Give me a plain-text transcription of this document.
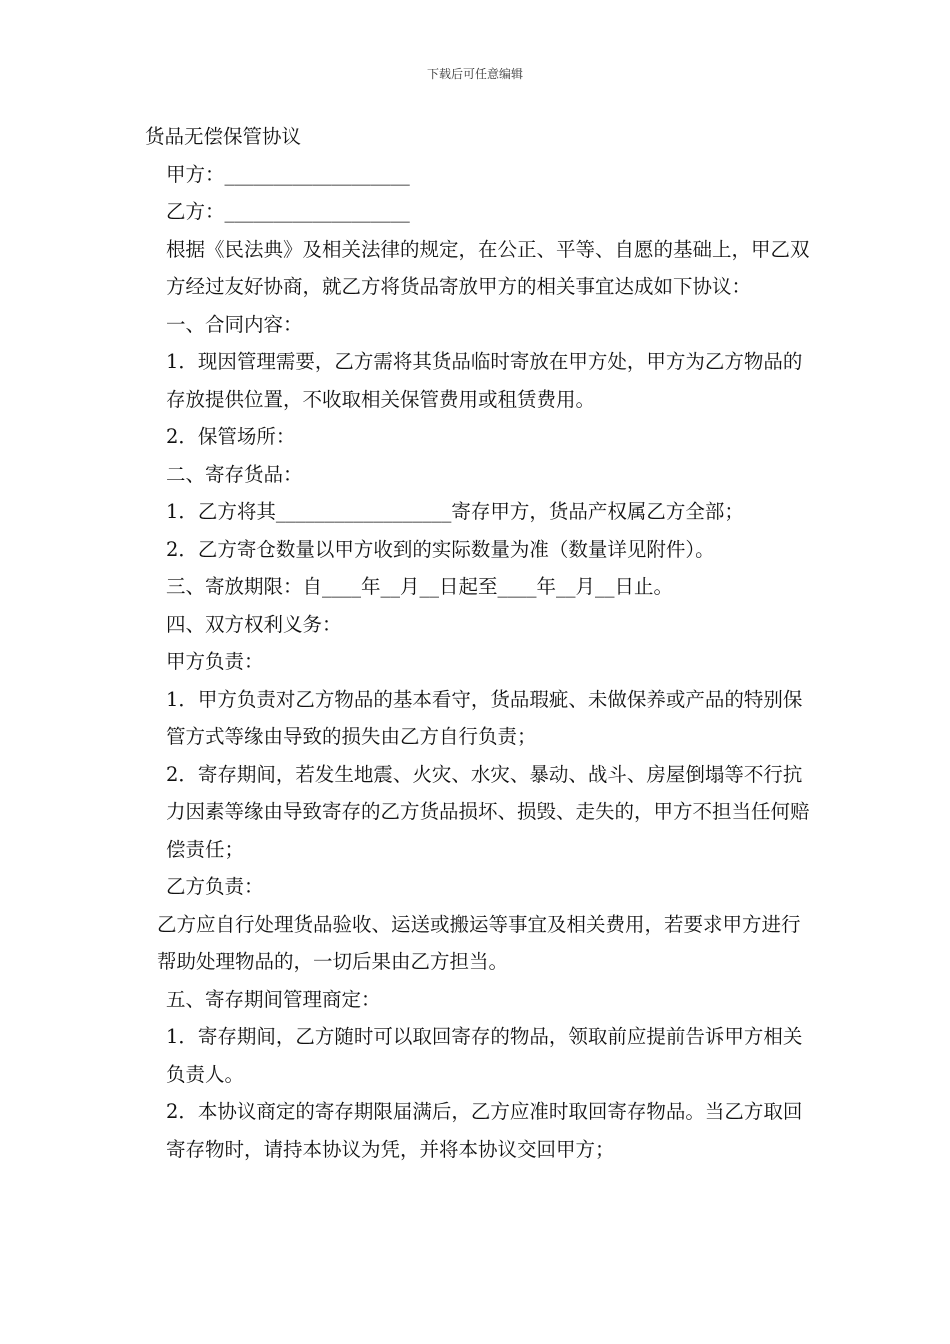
下载后可任意编辑

货品无偿保管协议

甲方：___________________

乙方：___________________

根据《民法典》及相关法律的规定，在公正、平等、自愿的基础上，甲乙双方经过友好协商，就乙方将货品寄放甲方的相关事宜达成如下协议：

一、合同内容：

1．现因管理需要，乙方需将其货品临时寄放在甲方处，甲方为乙方物品的存放提供位置，不收取相关保管费用或租赁费用。

2．保管场所：

二、寄存货品：

1．乙方将其__________________寄存甲方，货品产权属乙方全部；

2．乙方寄仓数量以甲方收到的实际数量为准（数量详见附件）。

三、寄放期限：自____年__月__日起至____年__月__日止。

四、双方权利义务：

甲方负责：

1．甲方负责对乙方物品的基本看守，货品瑕疵、未做保养或产品的特别保管方式等缘由导致的损失由乙方自行负责；

2．寄存期间，若发生地震、火灾、水灾、暴动、战斗、房屋倒塌等不行抗力因素等缘由导致寄存的乙方货品损坏、损毁、走失的，甲方不担当任何赔偿责任；

乙方负责：

乙方应自行处理货品验收、运送或搬运等事宜及相关费用，若要求甲方进行帮助处理物品的，一切后果由乙方担当。

五、寄存期间管理商定：

1．寄存期间，乙方随时可以取回寄存的物品，领取前应提前告诉甲方相关负责人。

2．本协议商定的寄存期限届满后，乙方应准时取回寄存物品。当乙方取回寄存物时，请持本协议为凭，并将本协议交回甲方；
